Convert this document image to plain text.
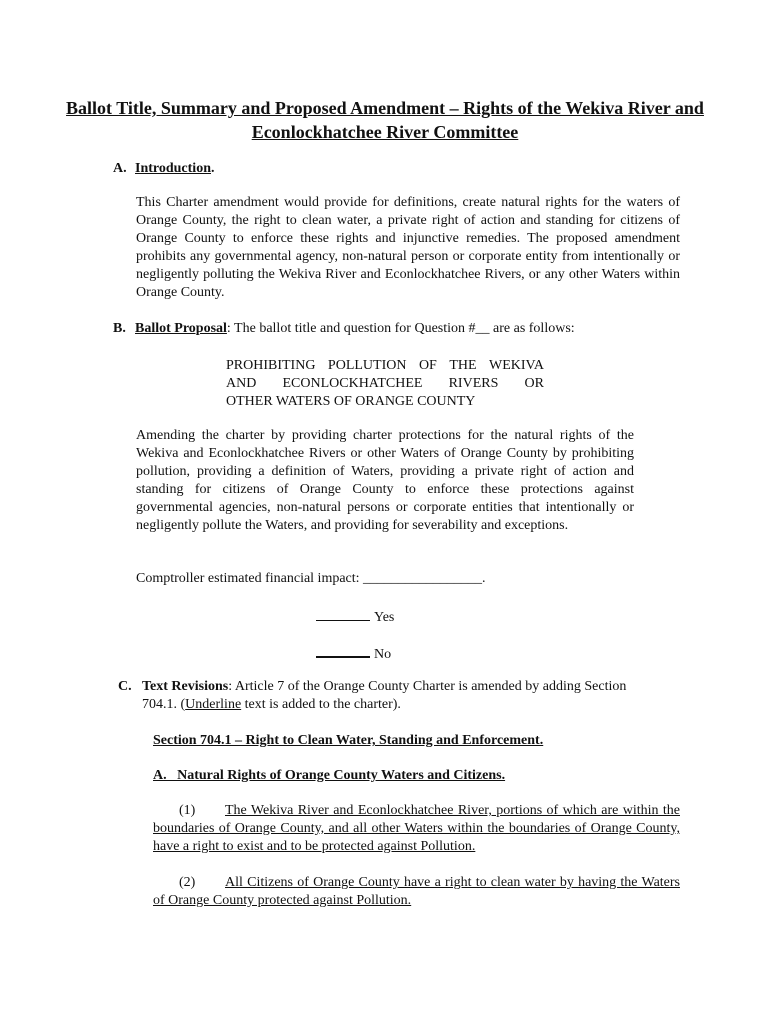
Ballot Title, Summary and Proposed Amendment – Rights of the Wekiva River and Econlockhatchee River Committee
A. Introduction.
This Charter amendment would provide for definitions, create natural rights for the waters of Orange County, the right to clean water, a private right of action and standing for citizens of Orange County to enforce these rights and injunctive remedies. The proposed amendment prohibits any governmental agency, non-natural person or corporate entity from intentionally or negligently polluting the Wekiva River and Econlockhatchee Rivers, or any other Waters within Orange County.
B. Ballot Proposal: The ballot title and question for Question #__ are as follows:
PROHIBITING POLLUTION OF THE WEKIVA
AND ECONLOCKHATCHEE RIVERS OR
OTHER WATERS OF ORANGE COUNTY
Amending the charter by providing charter protections for the natural rights of the Wekiva and Econlockhatchee Rivers or other Waters of Orange County by prohibiting pollution, providing a definition of Waters, providing a private right of action and standing for citizens of Orange County to enforce these protections against governmental agencies, non-natural persons or corporate entities that intentionally or negligently pollute the Waters, and providing for severability and exceptions.
Comptroller estimated financial impact: _________________.
Yes
No
C. Text Revisions: Article 7 of the Orange County Charter is amended by adding Section 704.1. (Underline text is added to the charter).
Section 704.1 – Right to Clean Water, Standing and Enforcement.
A.   Natural Rights of Orange County Waters and Citizens.
(1) The Wekiva River and Econlockhatchee River, portions of which are within the boundaries of Orange County, and all other Waters within the boundaries of Orange County, have a right to exist and to be protected against Pollution.
(2) All Citizens of Orange County have a right to clean water by having the Waters of Orange County protected against Pollution.
